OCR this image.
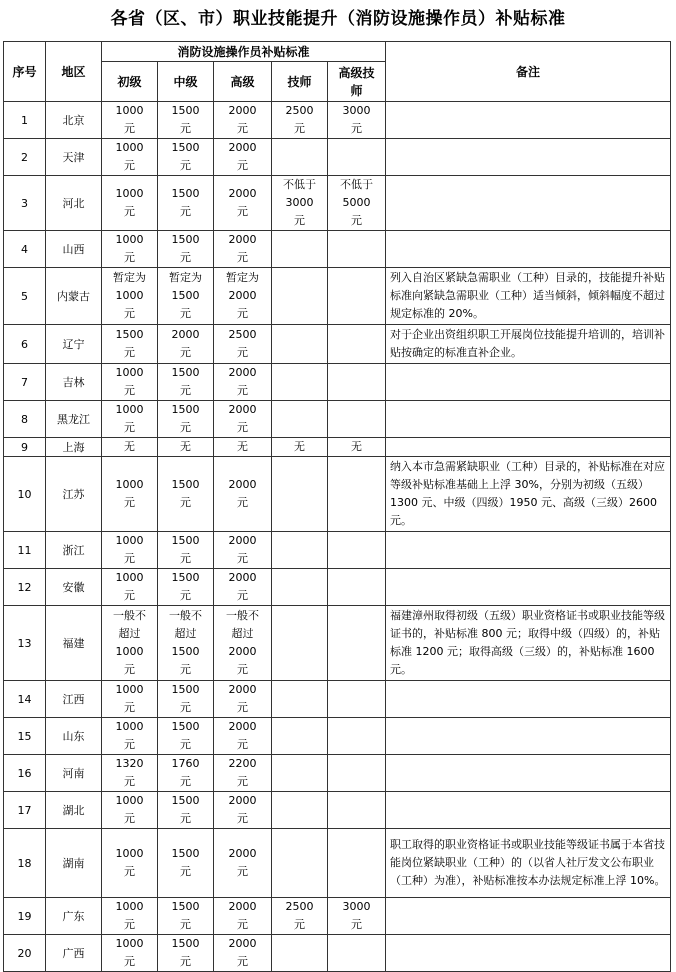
各省（区、市）职业技能提升（消防设施操作员）补贴标准
序号	地区	消防设施操作员补贴标准					备注
		初级	中级	高级	技师	高级技师	
1	北京	1000 元	1500 元	2000 元	2500 元	3000 元	
2	天津	1000 元	1500 元	2000 元			
3	河北	1000 元	1500 元	2000 元	不低于 3000 元	不低于 5000 元	
4	山西	1000 元	1500 元	2000 元			
5	内蒙古	暂定为 1000 元	暂定为 1500 元	暂定为 2000 元			列入自治区紧缺急需职业（工种）目录的，技能提升补贴标准向紧缺急需职业（工种）适当倾斜，倾斜幅度不超过规定标准的 20%。
6	辽宁	1500 元	2000 元	2500 元			对于企业出资组织职工开展岗位技能提升培训的，培训补贴按确定的标准直补企业。
7	吉林	1000 元	1500 元	2000 元			
8	黑龙江	1000 元	1500 元	2000 元			
9	上海	无	无	无	无	无	
10	江苏	1000 元	1500 元	2000 元			纳入本市急需紧缺职业（工种）目录的，补贴标准在对应等级补贴标准基础上上浮 30%，分别为初级（五级）1300 元、中级（四级）1950 元、高级（三级）2600 元。
11	浙江	1000 元	1500 元	2000 元			
12	安徽	1000 元	1500 元	2000 元			
13	福建	一般不超过 1000 元	一般不超过 1500 元	一般不超过 2000 元			福建漳州取得初级（五级）职业资格证书或职业技能等级证书的，补贴标准 800 元；取得中级（四级）的，补贴标准 1200 元；取得高级（三级）的，补贴标准 1600 元。
14	江西	1000 元	1500 元	2000 元			
15	山东	1000 元	1500 元	2000 元			
16	河南	1320 元	1760 元	2200 元			
17	湖北	1000 元	1500 元	2000 元			
18	湖南	1000 元	1500 元	2000 元			职工取得的职业资格证书或职业技能等级证书属于本省技能岗位紧缺职业（工种）的（以省人社厅发文公布职业（工种）为准），补贴标准按本办法规定标准上浮 10%。
19	广东	1000 元	1500 元	2000 元	2500 元	3000 元	
20	广西	1000 元	1500 元	2000 元			
